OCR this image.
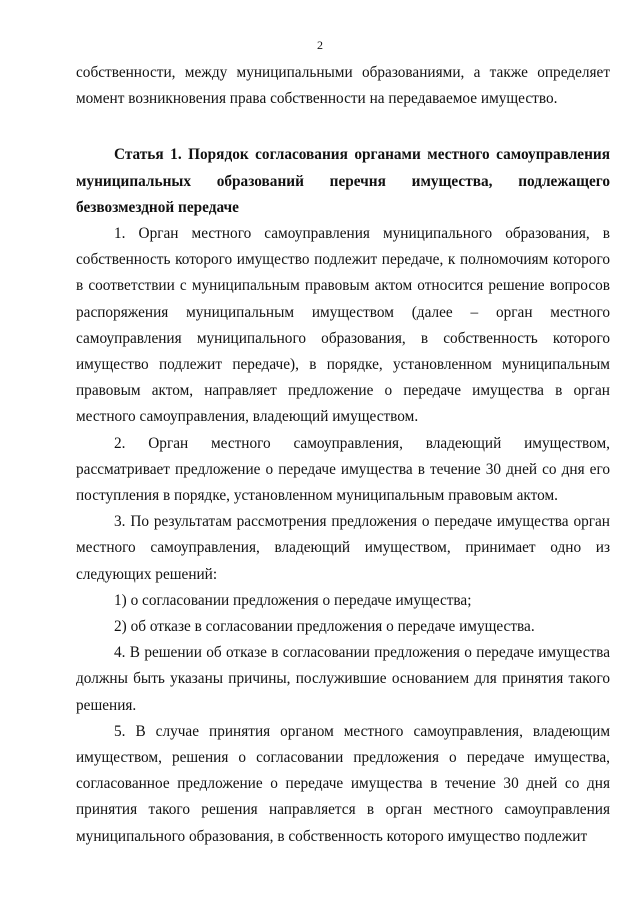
2

собственности, между муниципальными образованиями, а также определяет момент возникновения права собственности на передаваемое имущество.

Статья 1. Порядок согласования органами местного самоуправления муниципальных образований перечня имущества, подлежащего безвозмездной передаче

1. Орган местного самоуправления муниципального образования, в собственность которого имущество подлежит передаче, к полномочиям которого в соответствии с муниципальным правовым актом относится решение вопросов распоряжения муниципальным имуществом (далее – орган местного самоуправления муниципального образования, в собственность которого имущество подлежит передаче), в порядке, установленном муниципальным правовым актом, направляет предложение о передаче имущества в орган местного самоуправления, владеющий имуществом.

2. Орган местного самоуправления, владеющий имуществом, рассматривает предложение о передаче имущества в течение 30 дней со дня его поступления в порядке, установленном муниципальным правовым актом.

3. По результатам рассмотрения предложения о передаче имущества орган местного самоуправления, владеющий имуществом, принимает одно из следующих решений:

1) о согласовании предложения о передаче имущества;

2) об отказе в согласовании предложения о передаче имущества.

4. В решении об отказе в согласовании предложения о передаче имущества должны быть указаны причины, послужившие основанием для принятия такого решения.

5. В случае принятия органом местного самоуправления, владеющим имуществом, решения о согласовании предложения о передаче имущества, согласованное предложение о передаче имущества в течение 30 дней со дня принятия такого решения направляется в орган местного самоуправления муниципального образования, в собственность которого имущество подлежит
